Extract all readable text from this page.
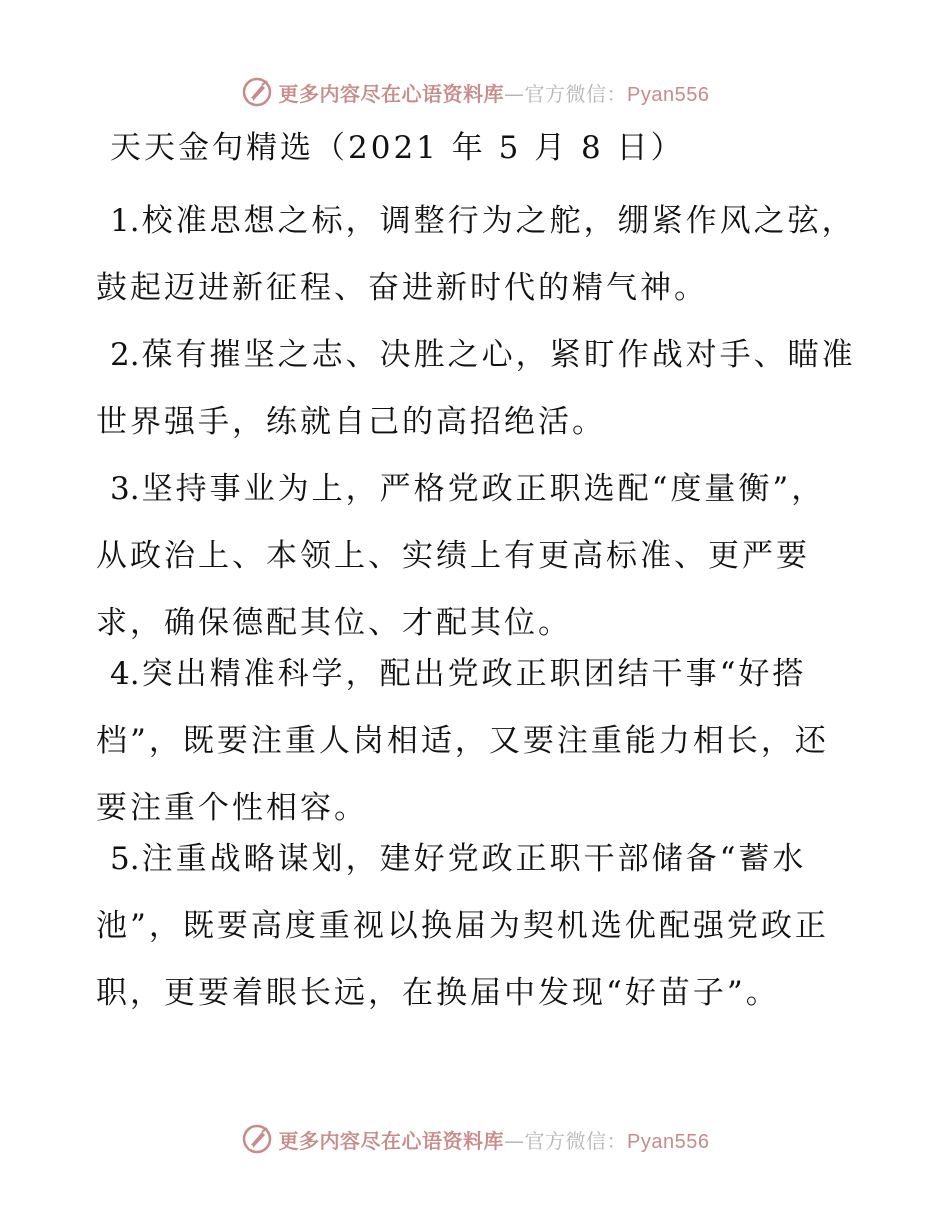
更多内容尽在心语资料库—官方微信：Pyan556
天天金句精选（2021 年 5 月 8 日）
1.校准思想之标，调整行为之舵，绷紧作风之弦，鼓起迈进新征程、奋进新时代的精气神。
2.葆有摧坚之志、决胜之心，紧盯作战对手、瞄准世界强手，练就自己的高招绝活。
3.坚持事业为上，严格党政正职选配“度量衡”，从政治上、本领上、实绩上有更高标准、更严要求，确保德配其位、才配其位。
4.突出精准科学，配出党政正职团结干事“好搭档”，既要注重人岗相适，又要注重能力相长，还要注重个性相容。
5.注重战略谋划，建好党政正职干部储备“蓄水池”，既要高度重视以换届为契机选优配强党政正职，更要着眼长远，在换届中发现“好苗子”。
更多内容尽在心语资料库—官方微信：Pyan556
